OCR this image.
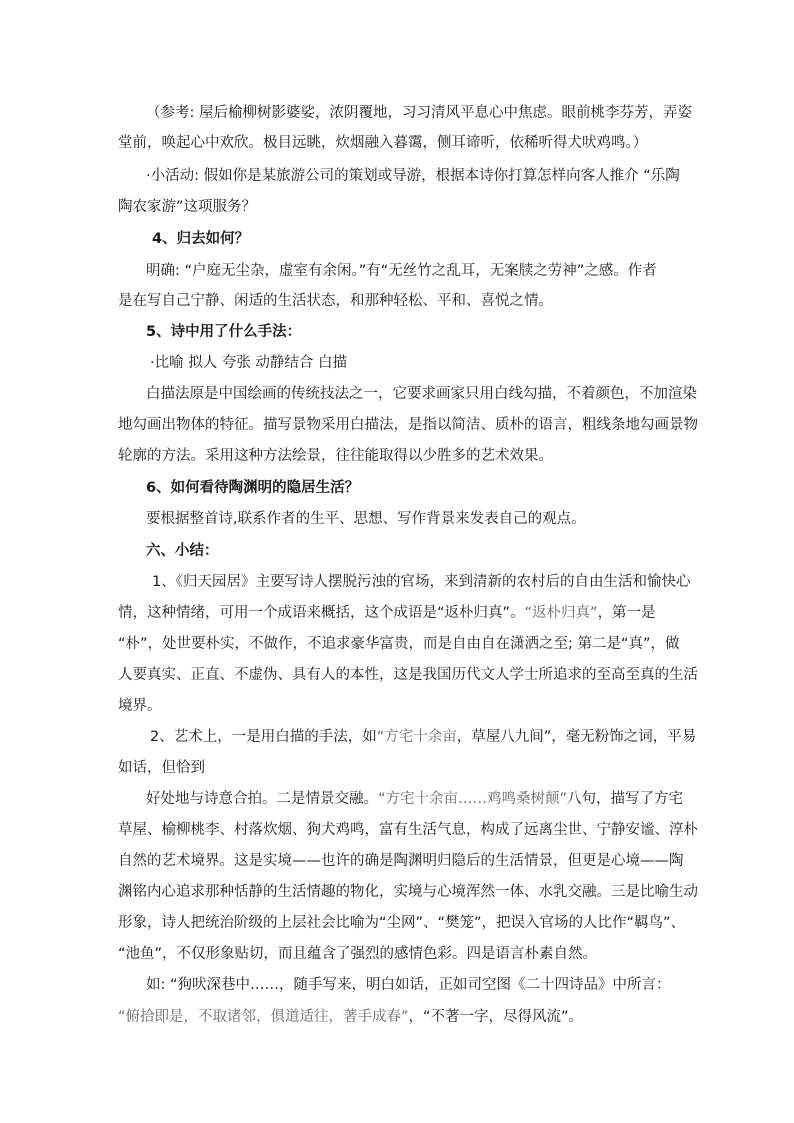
（参考: 屋后榆柳树影婆娑，浓阴覆地，习习清风平息心中焦虑。眼前桃李芬芳，弄姿
堂前，唤起心中欢欣。极目远眺，炊烟融入暮霭，侧耳谛听，依稀听得犬吠鸡鸣。）
·小活动: 假如你是某旅游公司的策划或导游，根据本诗你打算怎样向客人推介 “乐陶
陶农家游”这项服务？
4、归去如何？
明确: “户庭无尘杂，虚室有余闲。”有“无丝竹之乱耳，无案牍之劳神”之感。作者
是在写自己宁静、闲适的生活状态，和那种轻松、平和、喜悦之情。
5、诗中用了什么手法：
·比喻 拟人 夸张 动静结合 白描
白描法原是中国绘画的传统技法之一，它要求画家只用白线勾描，不着颜色，不加渲染
地勾画出物体的特征。描写景物采用白描法，是指以简洁、质朴的语言，粗线条地勾画景物
轮廓的方法。采用这种方法绘景，往往能取得以少胜多的艺术效果。
6、如何看待陶渊明的隐居生活？
要根据整首诗,联系作者的生平、思想、写作背景来发表自己的观点。
六、小结：
1、《归天园居》主要写诗人摆脱污浊的官场，来到清新的农村后的自由生活和愉快心
情，这种情绪，可用一个成语来概括，这个成语是“返朴归真”。“返朴归真”，第一是
“朴”，处世要朴实，不做作，不追求豪华富贵，而是自由自在潇洒之至; 第二是“真”，做
人要真实、正直、不虚伪、具有人的本性，这是我国历代文人学士所追求的至高至真的生活
境界。
2、艺术上，一是用白描的手法，如“方宅十余亩，草屋八九间”，毫无粉饰之词，平易
如话，但恰到
好处地与诗意合拍。二是情景交融。“方宅十余亩……鸡鸣桑树颠”八句，描写了方宅
草屋、榆柳桃李、村落炊烟、狗犬鸡鸣，富有生活气息，构成了远离尘世、宁静安谧、淳朴
自然的艺术境界。这是实境——也许的确是陶渊明归隐后的生活情景，但更是心境——陶
渊铭内心追求那种恬静的生活情趣的物化，实境与心境浑然一体、水乳交融。三是比喻生动
形象，诗人把统治阶级的上层社会比喻为“尘网”、“樊笼”，把误入官场的人比作“羁鸟”、
“池鱼”，不仅形象贴切，而且蕴含了强烈的感情色彩。四是语言朴素自然。
如: “狗吠深巷中……，随手写来，明白如话，正如司空图《二十四诗品》中所言：
“俯拾即是，不取诸邻，俱道适往，著手成春”，“不著一字，尽得风流”。
